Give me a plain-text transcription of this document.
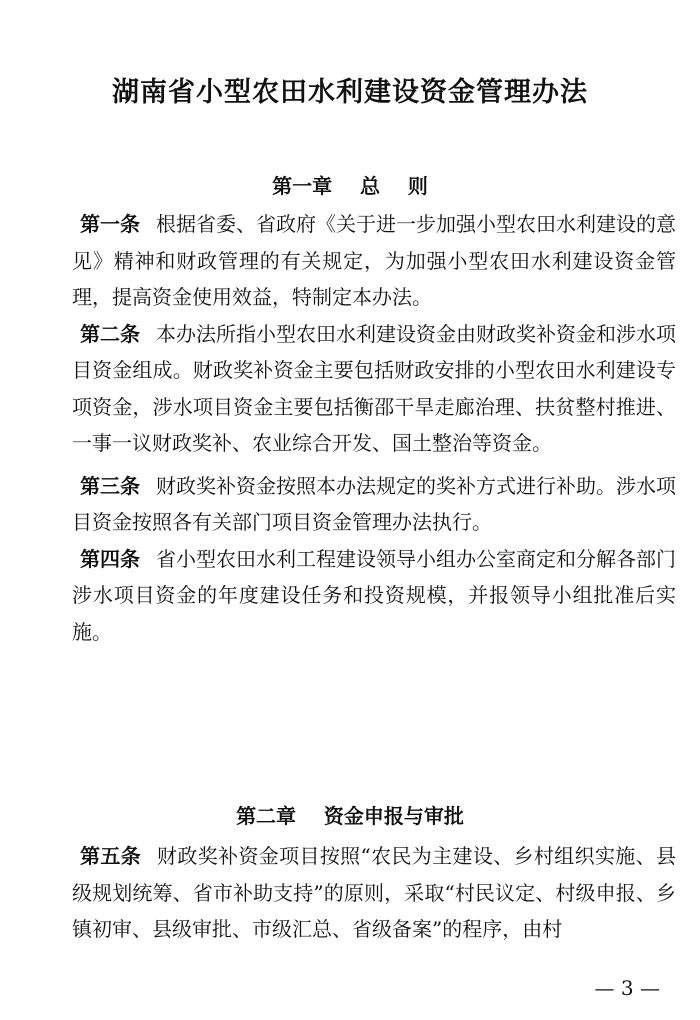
湖南省小型农田水利建设资金管理办法
第一章    总    则

第一条 根据省委、省政府《关于进一步加强小型农田水利建设的意见》精神和财政管理的有关规定，为加强小型农田水利建设资金管理，提高资金使用效益，特制定本办法。

第二条 本办法所指小型农田水利建设资金由财政奖补资金和涉水项目资金组成。财政奖补资金主要包括财政安排的小型农田水利建设专项资金，涉水项目资金主要包括衡邵干旱走廊治理、扶贫整村推进、一事一议财政奖补、农业综合开发、国土整治等资金。

第三条 财政奖补资金按照本办法规定的奖补方式进行补助。涉水项目资金按照各有关部门项目资金管理办法执行。

第四条 省小型农田水利工程建设领导小组办公室商定和分解各部门涉水项目资金的年度建设任务和投资规模，并报领导小组批准后实施。

第二章    资金申报与审批

第五条 财政奖补资金项目按照“农民为主建设、乡村组织实施、县级规划统筹、省市补助支持”的原则，采取“村民议定、村级申报、乡镇初审、县级审批、市级汇总、省级备案”的程序，由村

— 3 —
